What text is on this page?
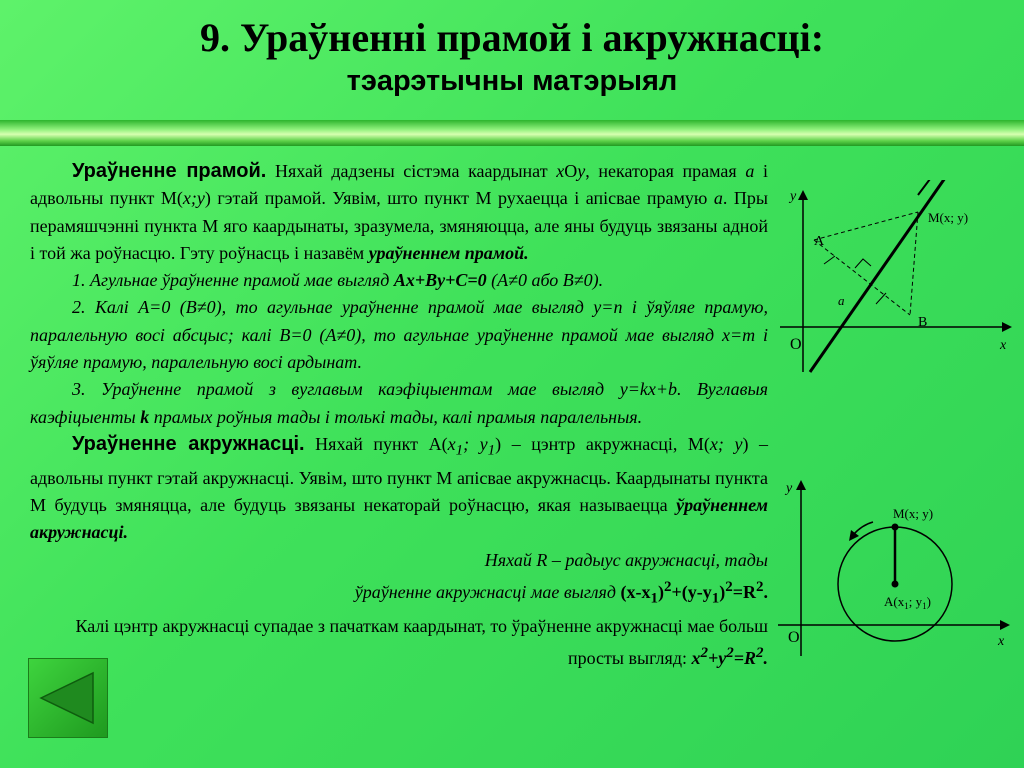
9. Ураўненні прамой і акружнасці:
тэарэтычны матэрыял

Ураўненне прамой. Няхай дадзены сістэма каардынат xOy, некаторая прамая a і адвольны пункт M(x;y) гэтай прамой. Уявім, што пункт M рухаецца і апісвае прамую a. Пры перамяшчэнні пункта M яго каардынаты, зразумела, змяняюцца, але яны будуць звязаны адной і той жа роўнасцю. Гэту роўнасць і назавём ураўненнем прамой.

1. Агульнае ўраўненне прамой мае выгляд Ax+By+C=0 (A≠0 або B≠0).

2. Калі A=0 (B≠0), то агульнае ураўненне прамой мае выгляд y=n і ўяўляе прамую, паралельную восі абсцыс; калі B=0 (A≠0), то агульнае ураўненне прамой мае выгляд x=m і ўяўляе прамую, паралельную восі ардынат.

3. Ураўненне прамой з вуглавым каэфіцыентам мае выгляд y=kx+b. Вуглавыя каэфіцыенты k прамых роўныя тады і толькі тады, калі прамыя паралельныя.

Ураўненне акружнасці. Няхай пункт $A(x_1$; $y_1$) – цэнтр акружнасці, M(x; y) – адвольны пункт гэтай акружнасці. Уявім, што пункт M апісвае акружнасць. Каардынаты пункта M будуць змяняцца, але будуць звязаны некаторай роўнасцю, якая называецца ўраўненнем акружнасці.

Няхай R – радыус акружнасці, тады

ўраўненне акружнасці мае выгляд $(x-x_1)^2+(y-y_1)^2=R^2$.

Калі цэнтр акружнасці супадае з пачаткам каардынат, то ўраўненне акружнасці мае больш просты выгляд: $x^2+y^2=R^2$.

y
x
O
A
B
a
M(x; y)
y
x
O
M(x; y)
$A(x_1$; $y_1$)
